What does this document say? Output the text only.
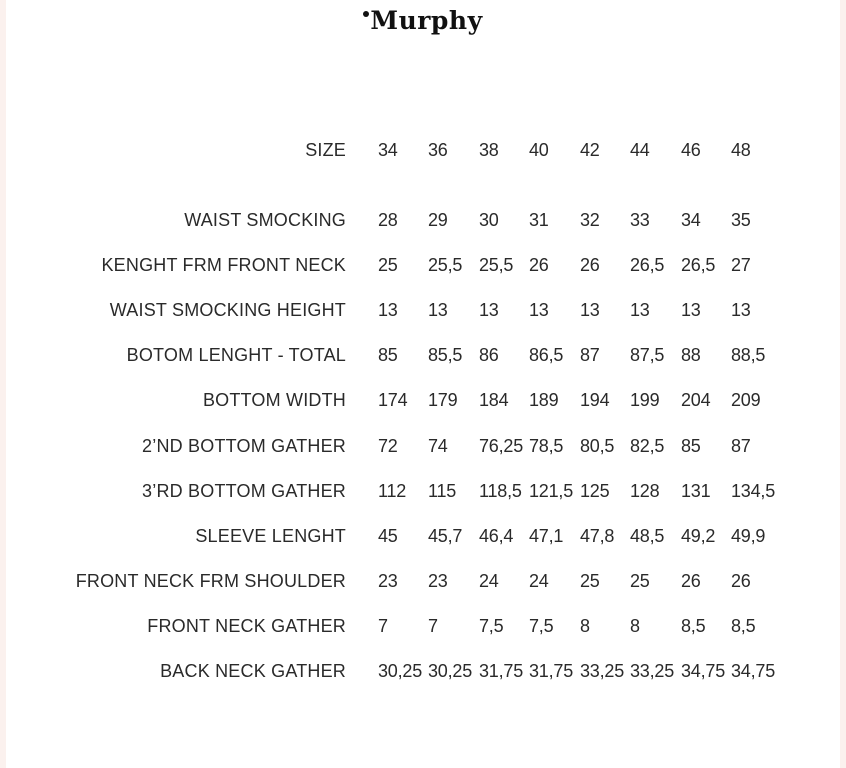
Murphy
SIZE 34 36 38 40 42 44 46 48
WAIST SMOCKING 28 29 30 31 32 33 34 35
KENGHT FRM FRONT NECK 25 25,5 25,5 26 26 26,5 26,5 27
WAIST SMOCKING HEIGHT 13 13 13 13 13 13 13 13
BOTOM LENGHT - TOTAL 85 85,5 86 86,5 87 87,5 88 88,5
BOTTOM WIDTH 174 179 184 189 194 199 204 209
2’ND BOTTOM GATHER 72 74 76,25 78,5 80,5 82,5 85 87
3’RD BOTTOM GATHER 112 115 118,5 121,5 125 128 131 134,5
SLEEVE LENGHT 45 45,7 46,4 47,1 47,8 48,5 49,2 49,9
FRONT NECK FRM SHOULDER 23 23 24 24 25 25 26 26
FRONT NECK GATHER 7 7 7,5 7,5 8 8 8,5 8,5
BACK NECK GATHER 30,25 30,25 31,75 31,75 33,25 33,25 34,75 34,75
